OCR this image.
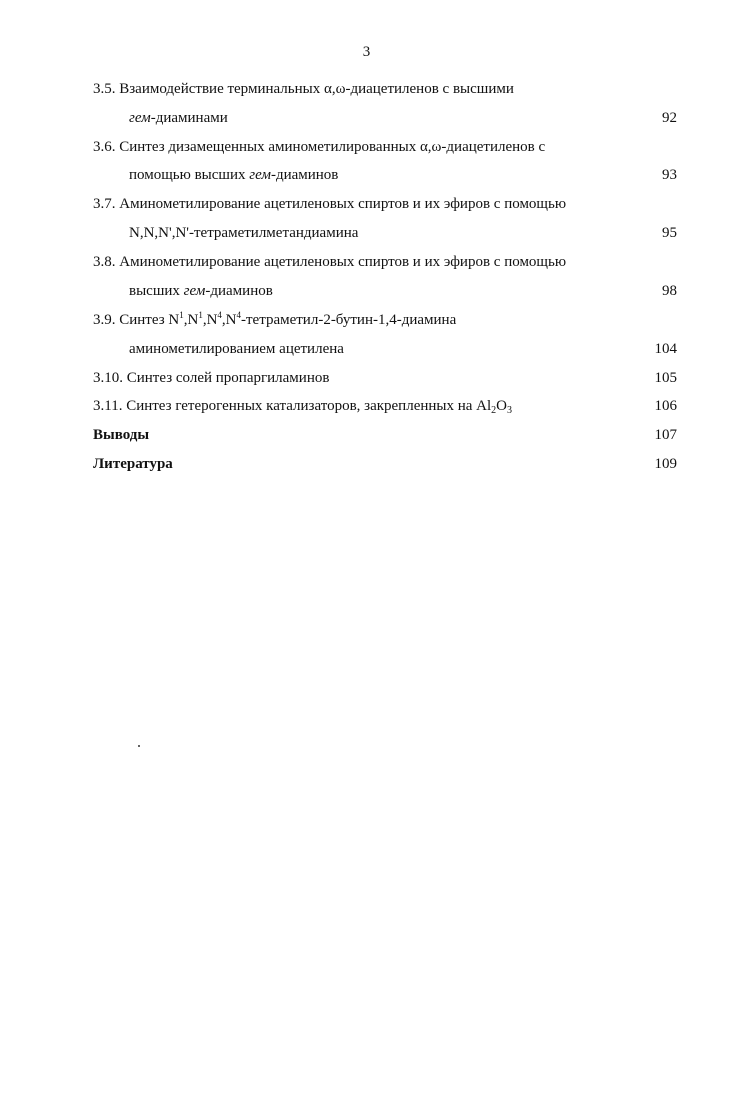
3
3.5. Взаимодействие терминальных α,ω-диацетиленов с высшими
гем-диаминами	92
3.6. Синтез дизамещенных аминометилированных α,ω-диацетиленов с
помощью высших гем-диаминов	93
3.7. Аминометилирование ацетиленовых спиртов и их эфиров с помощью
N,N,N',N'-тетраметилметандиамина	95
3.8. Аминометилирование ацетиленовых спиртов и их эфиров с помощью
высших гем-диаминов	98
3.9. Синтез $N^1,N^1,N^4,N^4-тетраметил-2-бутин-1,4$-диамина
аминометилированием ацетилена	104
3.10. Синтез солей пропаргиламинов	105
3.11. Синтез гетерогенных катализаторов, закрепленных на $Al_2O_3$	106
Выводы	107
Литература	109
